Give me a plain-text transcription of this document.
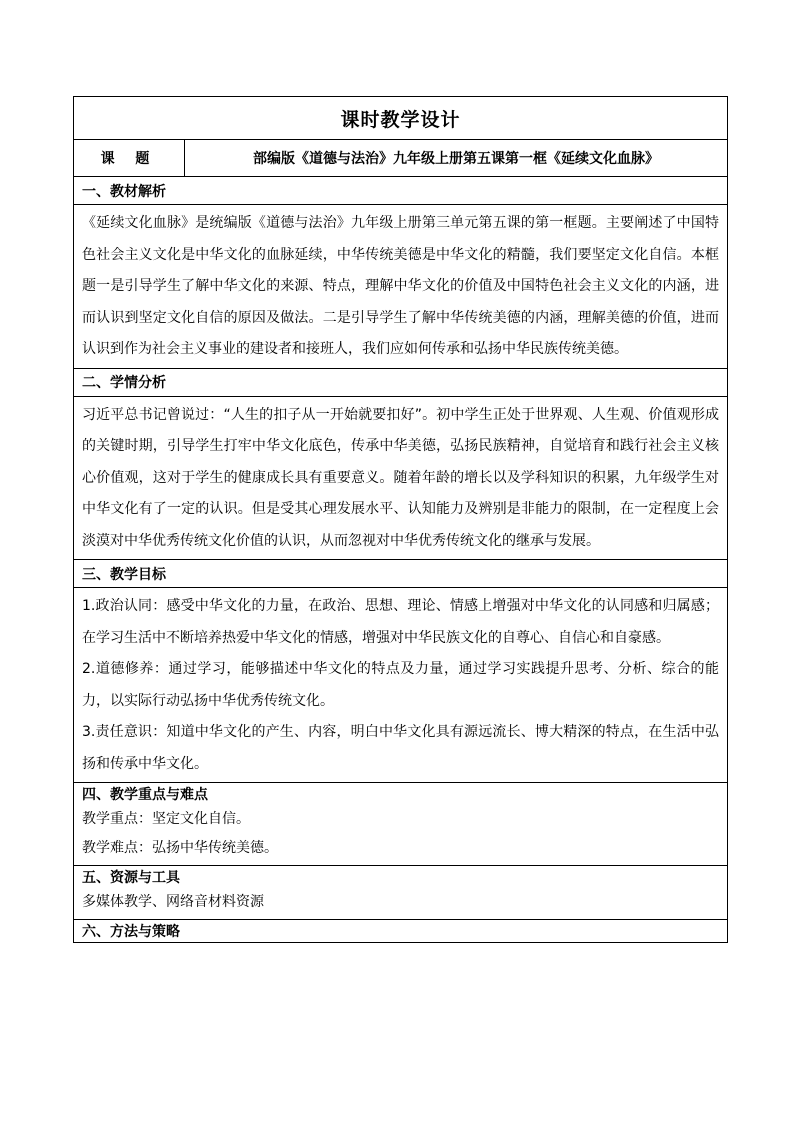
课时教学设计
课 题	部编版《道德与法治》九年级上册第五课第一框《延续文化血脉》
一、教材解析

《延续文化血脉》是统编版《道德与法治》九年级上册第三单元第五课的第一框题。主要阐述了中国特色社会主义文化是中华文化的血脉延续，中华传统美德是中华文化的精髓，我们要坚定文化自信。本框题一是引导学生了解中华文化的来源、特点，理解中华文化的价值及中国特色社会主义文化的内涵，进而认识到坚定文化自信的原因及做法。二是引导学生了解中华传统美德的内涵，理解美德的价值，进而认识到作为社会主义事业的建设者和接班人，我们应如何传承和弘扬中华民族传统美德。

二、学情分析

习近平总书记曾说过：“人生的扣子从一开始就要扣好”。初中学生正处于世界观、人生观、价值观形成的关键时期，引导学生打牢中华文化底色，传承中华美德，弘扬民族精神，自觉培育和践行社会主义核心价值观，这对于学生的健康成长具有重要意义。随着年龄的增长以及学科知识的积累，九年级学生对中华文化有了一定的认识。但是受其心理发展水平、认知能力及辨别是非能力的限制，在一定程度上会淡漠对中华优秀传统文化价值的认识，从而忽视对中华优秀传统文化的继承与发展。

三、教学目标

1.政治认同：感受中华文化的力量，在政治、思想、理论、情感上增强对中华文化的认同感和归属感；在学习生活中不断培养热爱中华文化的情感，增强对中华民族文化的自尊心、自信心和自豪感。

2.道德修养：通过学习，能够描述中华文化的特点及力量，通过学习实践提升思考、分析、综合的能力，以实际行动弘扬中华优秀传统文化。

3.责任意识：知道中华文化的产生、内容，明白中华文化具有源远流长、博大精深的特点，在生活中弘扬和传承中华文化。

四、教学重点与难点

教学重点：坚定文化自信。

教学难点：弘扬中华传统美德。

五、资源与工具

多媒体教学、网络音材料资源

六、方法与策略
